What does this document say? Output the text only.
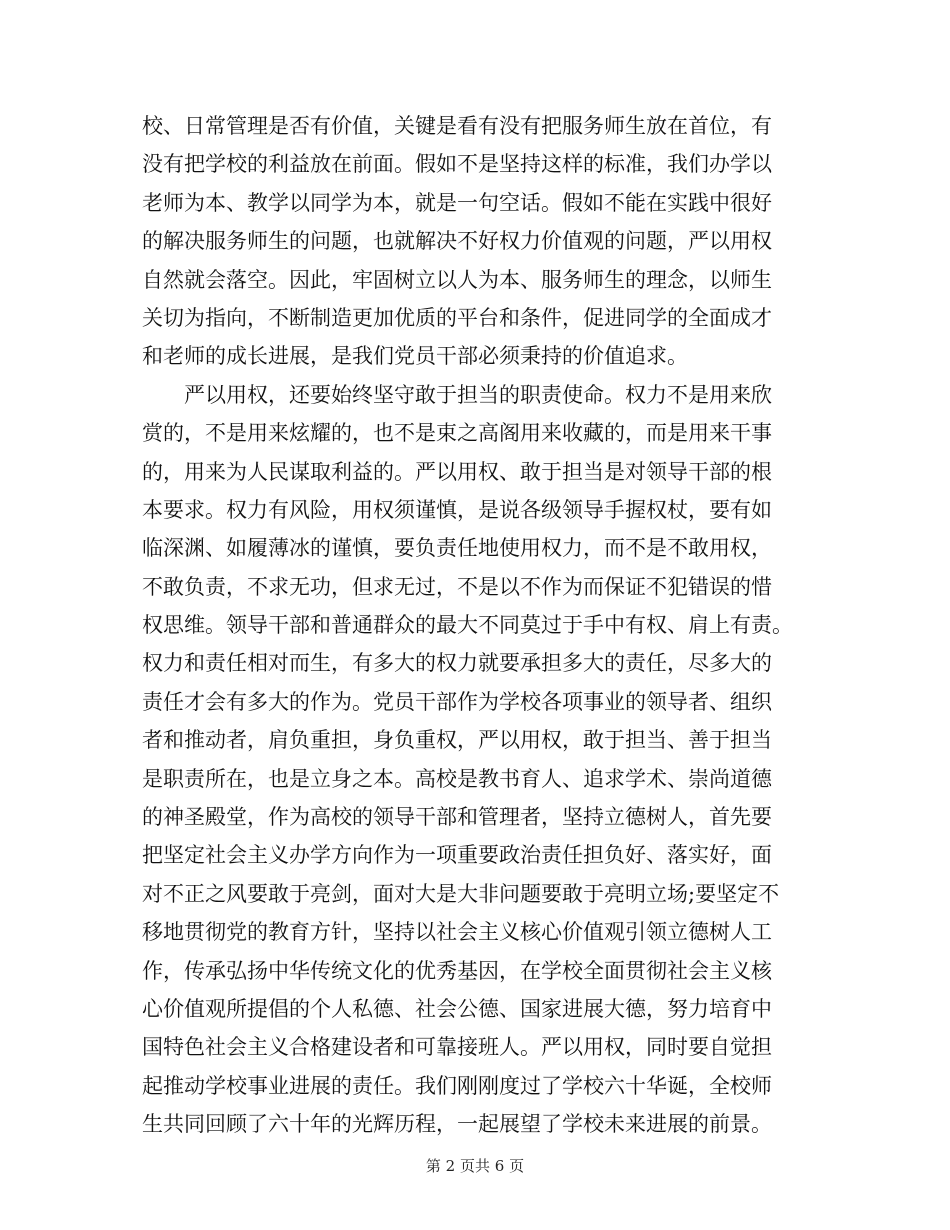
校、日常管理是否有价值，关键是看有没有把服务师生放在首位，有
没有把学校的利益放在前面。假如不是坚持这样的标准，我们办学以
老师为本、教学以同学为本，就是一句空话。假如不能在实践中很好
的解决服务师生的问题，也就解决不好权力价值观的问题，严以用权
自然就会落空。因此，牢固树立以人为本、服务师生的理念，以师生
关切为指向，不断制造更加优质的平台和条件，促进同学的全面成才
和老师的成长进展，是我们党员干部必须秉持的价值追求。
　　严以用权，还要始终坚守敢于担当的职责使命。权力不是用来欣
赏的，不是用来炫耀的，也不是束之高阁用来收藏的，而是用来干事
的，用来为人民谋取利益的。严以用权、敢于担当是对领导干部的根
本要求。权力有风险，用权须谨慎，是说各级领导手握权杖，要有如
临深渊、如履薄冰的谨慎，要负责任地使用权力，而不是不敢用权，
不敢负责，不求无功，但求无过，不是以不作为而保证不犯错误的惜
权思维。领导干部和普通群众的最大不同莫过于手中有权、肩上有责。
权力和责任相对而生，有多大的权力就要承担多大的责任，尽多大的
责任才会有多大的作为。党员干部作为学校各项事业的领导者、组织
者和推动者，肩负重担，身负重权，严以用权，敢于担当、善于担当
是职责所在，也是立身之本。高校是教书育人、追求学术、崇尚道德
的神圣殿堂，作为高校的领导干部和管理者，坚持立德树人，首先要
把坚定社会主义办学方向作为一项重要政治责任担负好、落实好，面
对不正之风要敢于亮剑，面对大是大非问题要敢于亮明立场;要坚定不
移地贯彻党的教育方针，坚持以社会主义核心价值观引领立德树人工
作，传承弘扬中华传统文化的优秀基因，在学校全面贯彻社会主义核
心价值观所提倡的个人私德、社会公德、国家进展大德，努力培育中
国特色社会主义合格建设者和可靠接班人。严以用权，同时要自觉担
起推动学校事业进展的责任。我们刚刚度过了学校六十华诞，全校师
生共同回顾了六十年的光辉历程，一起展望了学校未来进展的前景。
第 2 页共 6 页
